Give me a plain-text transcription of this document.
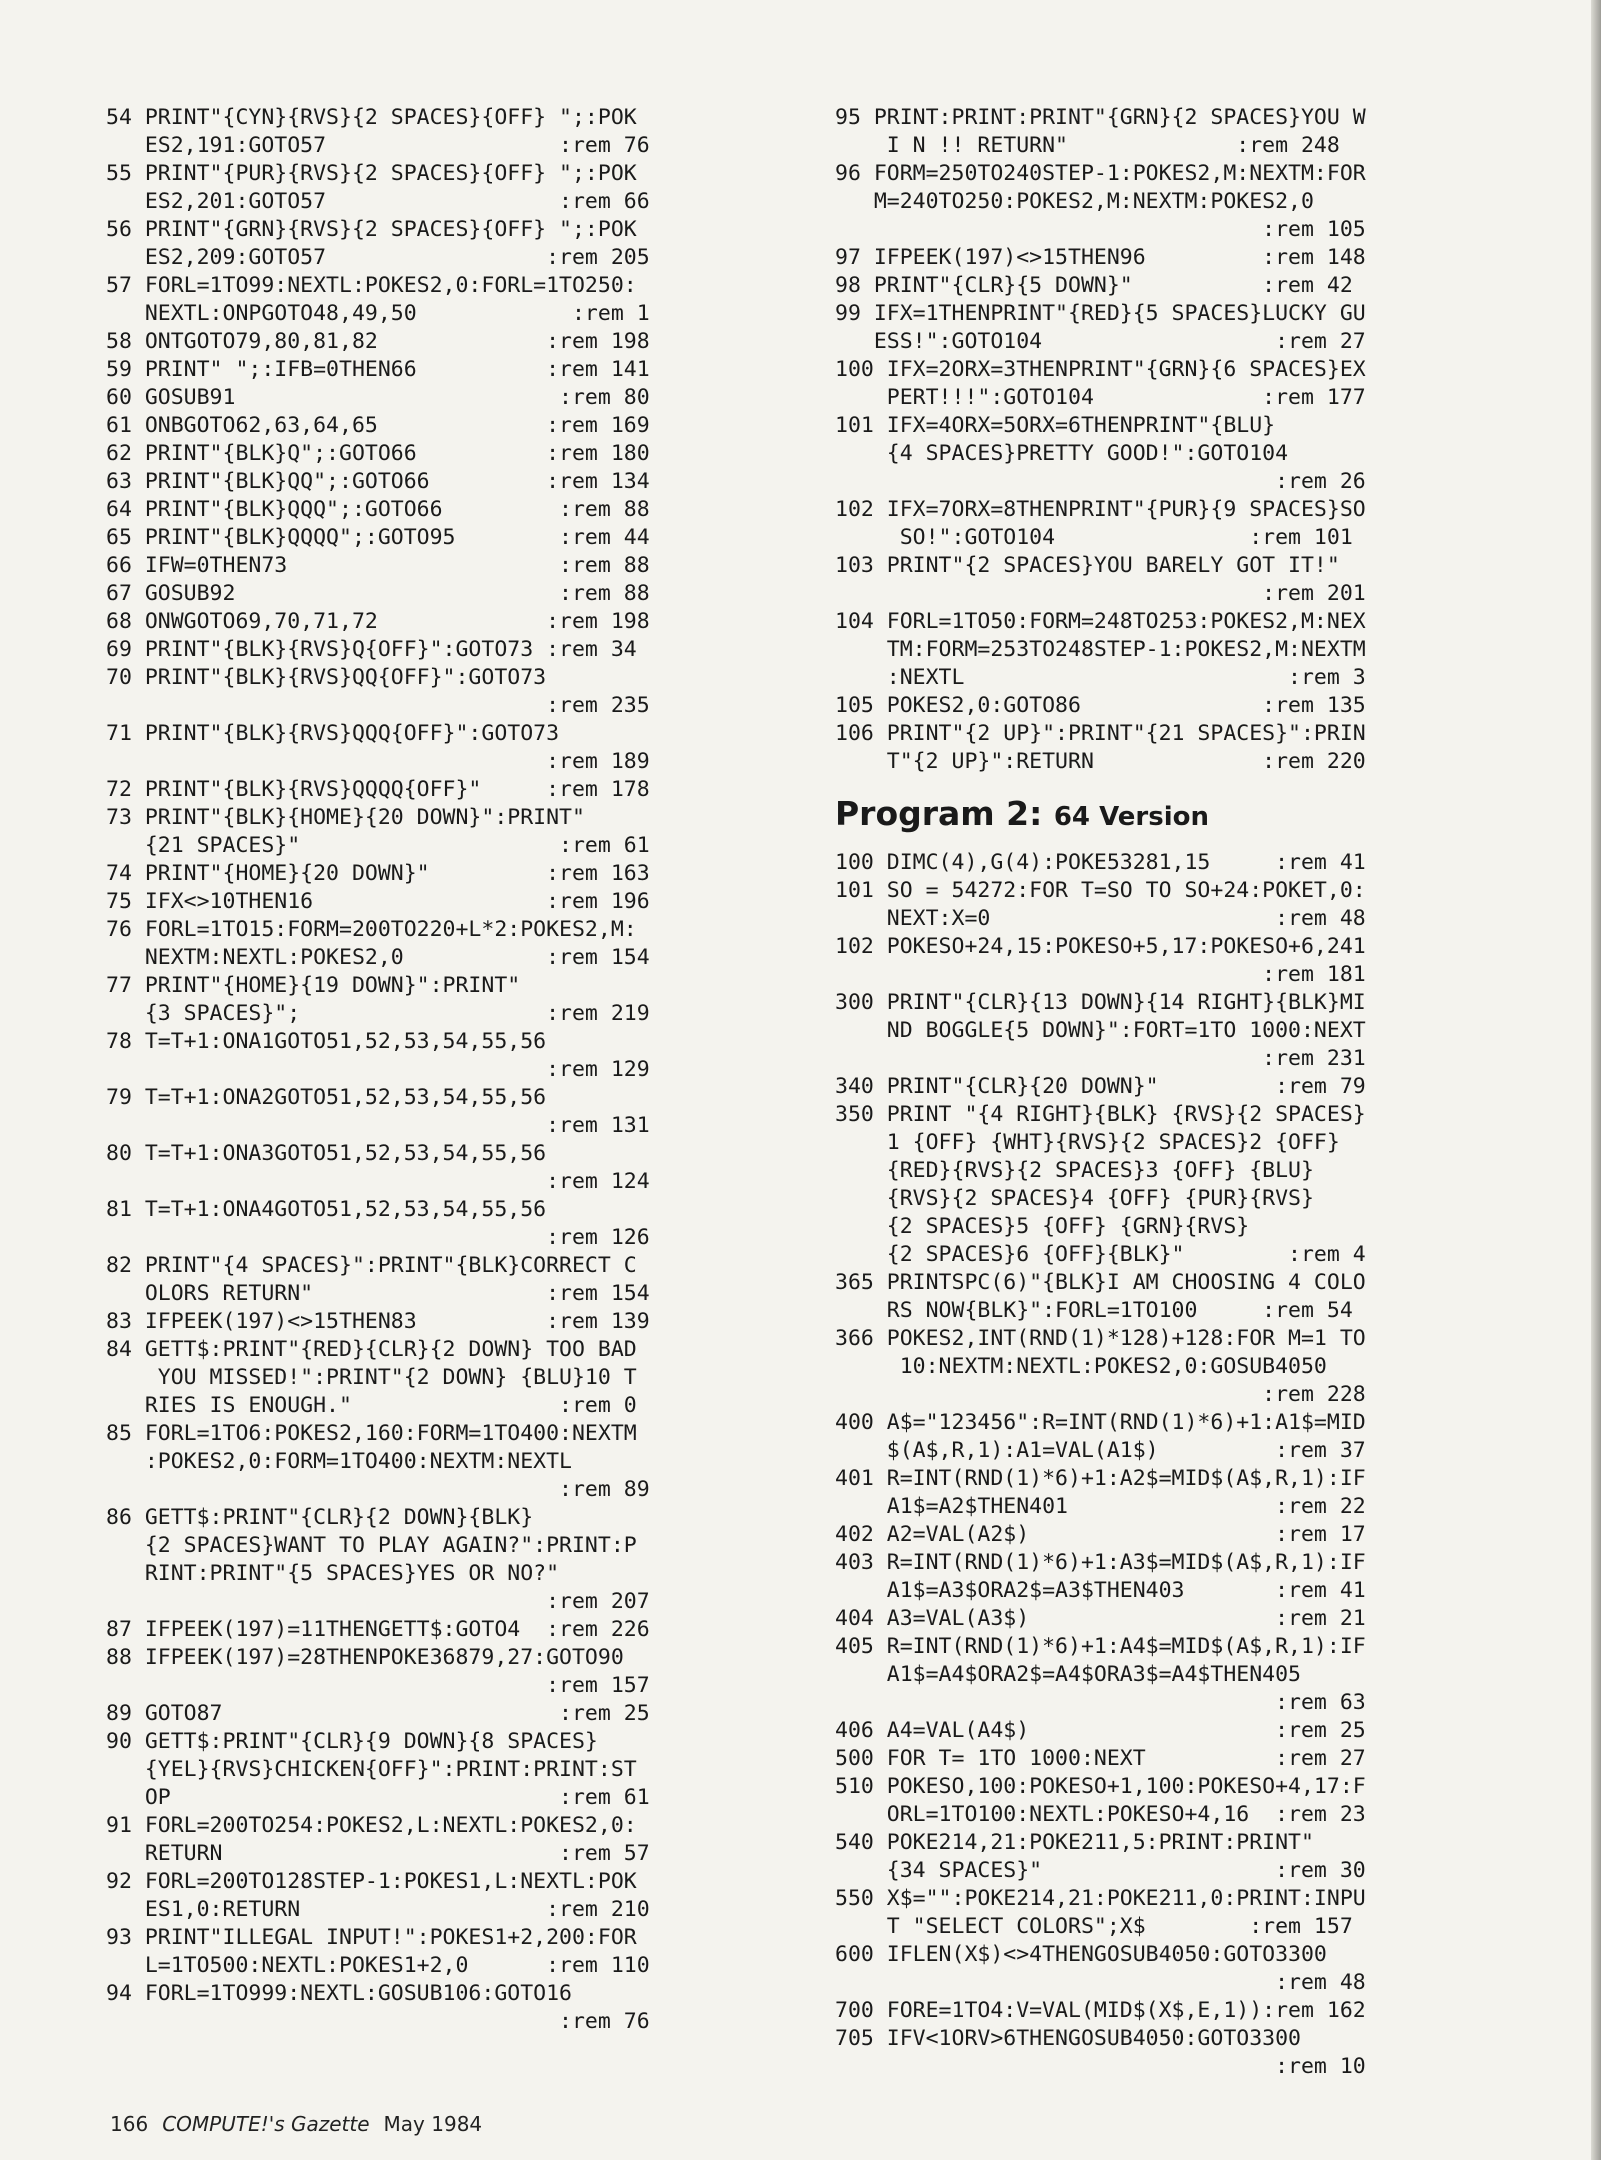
54 PRINT"{CYN}{RVS}{2 SPACES}{OFF} ";:POK
ES2,191:GOTO57                  :rem 76
55 PRINT"{PUR}{RVS}{2 SPACES}{OFF} ";:POK
ES2,201:GOTO57                  :rem 66
56 PRINT"{GRN}{RVS}{2 SPACES}{OFF} ";:POK
ES2,209:GOTO57                 :rem 205
57 FORL=1TO99:NEXTL:POKES2,0:FORL=1TO250:
NEXTL:ONPGOTO48,49,50            :rem 1
58 ONTGOTO79,80,81,82             :rem 198
59 PRINT" ";:IFB=0THEN66          :rem 141
60 GOSUB91                         :rem 80
61 ONBGOTO62,63,64,65             :rem 169
62 PRINT"{BLK}Q";:GOTO66          :rem 180
63 PRINT"{BLK}QQ";:GOTO66         :rem 134
64 PRINT"{BLK}QQQ";:GOTO66         :rem 88
65 PRINT"{BLK}QQQQ";:GOTO95        :rem 44
66 IFW=0THEN73                     :rem 88
67 GOSUB92                         :rem 88
68 ONWGOTO69,70,71,72             :rem 198
69 PRINT"{BLK}{RVS}Q{OFF}":GOTO73 :rem 34
70 PRINT"{BLK}{RVS}QQ{OFF}":GOTO73
:rem 235
71 PRINT"{BLK}{RVS}QQQ{OFF}":GOTO73
:rem 189
72 PRINT"{BLK}{RVS}QQQQ{OFF}"     :rem 178
73 PRINT"{BLK}{HOME}{20 DOWN}":PRINT"
{21 SPACES}"                    :rem 61
74 PRINT"{HOME}{20 DOWN}"         :rem 163
75 IFX<>10THEN16                  :rem 196
76 FORL=1TO15:FORM=200TO220+L*2:POKES2,M:
NEXTM:NEXTL:POKES2,0           :rem 154
77 PRINT"{HOME}{19 DOWN}":PRINT"
{3 SPACES}";                   :rem 219
78 T=T+1:ONA1GOTO51,52,53,54,55,56
:rem 129
79 T=T+1:ONA2GOTO51,52,53,54,55,56
:rem 131
80 T=T+1:ONA3GOTO51,52,53,54,55,56
:rem 124
81 T=T+1:ONA4GOTO51,52,53,54,55,56
:rem 126
82 PRINT"{4 SPACES}":PRINT"{BLK}CORRECT C
OLORS RETURN"                  :rem 154
83 IFPEEK(197)<>15THEN83          :rem 139
84 GETT$:PRINT"{RED}{CLR}{2 DOWN} TOO BAD
YOU MISSED!":PRINT"{2 DOWN} {BLU}10 T
RIES IS ENOUGH."                :rem 0
85 FORL=1TO6:POKES2,160:FORM=1TO400:NEXTM
:POKES2,0:FORM=1TO400:NEXTM:NEXTL
:rem 89
86 GETT$:PRINT"{CLR}{2 DOWN}{BLK}
{2 SPACES}WANT TO PLAY AGAIN?":PRINT:P
RINT:PRINT"{5 SPACES}YES OR NO?"
:rem 207
87 IFPEEK(197)=11THENGETT$:GOTO4  :rem 226
88 IFPEEK(197)=28THENPOKE36879,27:GOTO90
:rem 157
89 GOTO87                          :rem 25
90 GETT$:PRINT"{CLR}{9 DOWN}{8 SPACES}
{YEL}{RVS}CHICKEN{OFF}":PRINT:PRINT:ST
OP                              :rem 61
91 FORL=200TO254:POKES2,L:NEXTL:POKES2,0:
RETURN                          :rem 57
92 FORL=200TO128STEP-1:POKES1,L:NEXTL:POK
ES1,0:RETURN                   :rem 210
93 PRINT"ILLEGAL INPUT!":POKES1+2,200:FOR
L=1TO500:NEXTL:POKES1+2,0      :rem 110
94 FORL=1TO999:NEXTL:GOSUB106:GOTO16
:rem 76
95 PRINT:PRINT:PRINT"{GRN}{2 SPACES}YOU W
I N !! RETURN"             :rem 248
96 FORM=250TO240STEP-1:POKES2,M:NEXTM:FOR
M=240TO250:POKES2,M:NEXTM:POKES2,0
:rem 105
97 IFPEEK(197)<>15THEN96         :rem 148
98 PRINT"{CLR}{5 DOWN}"          :rem 42
99 IFX=1THENPRINT"{RED}{5 SPACES}LUCKY GU
ESS!":GOTO104                  :rem 27
100 IFX=2ORX=3THENPRINT"{GRN}{6 SPACES}EX
PERT!!!":GOTO104             :rem 177
101 IFX=4ORX=5ORX=6THENPRINT"{BLU}
{4 SPACES}PRETTY GOOD!":GOTO104
:rem 26
102 IFX=7ORX=8THENPRINT"{PUR}{9 SPACES}SO
SO!":GOTO104               :rem 101
103 PRINT"{2 SPACES}YOU BARELY GOT IT!"
:rem 201
104 FORL=1TO50:FORM=248TO253:POKES2,M:NEX
TM:FORM=253TO248STEP-1:POKES2,M:NEXTM
:NEXTL                         :rem 3
105 POKES2,0:GOTO86              :rem 135
106 PRINT"{2 UP}":PRINT"{21 SPACES}":PRIN
T"{2 UP}":RETURN             :rem 220
Program 2: 64 Version
100 DIMC(4),G(4):POKE53281,15     :rem 41
101 SO = 54272:FOR T=SO TO SO+24:POKET,0:
NEXT:X=0                      :rem 48
102 POKESO+24,15:POKESO+5,17:POKESO+6,241
:rem 181
300 PRINT"{CLR}{13 DOWN}{14 RIGHT}{BLK}MI
ND BOGGLE{5 DOWN}":FORT=1TO 1000:NEXT
:rem 231
340 PRINT"{CLR}{20 DOWN}"         :rem 79
350 PRINT "{4 RIGHT}{BLK} {RVS}{2 SPACES}
1 {OFF} {WHT}{RVS}{2 SPACES}2 {OFF}
{RED}{RVS}{2 SPACES}3 {OFF} {BLU}
{RVS}{2 SPACES}4 {OFF} {PUR}{RVS}
{2 SPACES}5 {OFF} {GRN}{RVS}
{2 SPACES}6 {OFF}{BLK}"        :rem 4
365 PRINTSPC(6)"{BLK}I AM CHOOSING 4 COLO
RS NOW{BLK}":FORL=1TO100     :rem 54
366 POKES2,INT(RND(1)*128)+128:FOR M=1 TO
10:NEXTM:NEXTL:POKES2,0:GOSUB4050
:rem 228
400 A$="123456":R=INT(RND(1)*6)+1:A1$=MID
$(A$,R,1):A1=VAL(A1$)         :rem 37
401 R=INT(RND(1)*6)+1:A2$=MID$(A$,R,1):IF
A1$=A2$THEN401                :rem 22
402 A2=VAL(A2$)                   :rem 17
403 R=INT(RND(1)*6)+1:A3$=MID$(A$,R,1):IF
A1$=A3$ORA2$=A3$THEN403       :rem 41
404 A3=VAL(A3$)                   :rem 21
405 R=INT(RND(1)*6)+1:A4$=MID$(A$,R,1):IF
A1$=A4$ORA2$=A4$ORA3$=A4$THEN405
:rem 63
406 A4=VAL(A4$)                   :rem 25
500 FOR T= 1TO 1000:NEXT          :rem 27
510 POKESO,100:POKESO+1,100:POKESO+4,17:F
ORL=1TO100:NEXTL:POKESO+4,16  :rem 23
540 POKE214,21:POKE211,5:PRINT:PRINT"
{34 SPACES}"                  :rem 30
550 X$="":POKE214,21:POKE211,0:PRINT:INPU
T "SELECT COLORS";X$        :rem 157
600 IFLEN(X$)<>4THENGOSUB4050:GOTO3300
:rem 48
700 FORE=1TO4:V=VAL(MID$(X$,E,1)):rem 162
705 IFV<1ORV>6THENGOSUB4050:GOTO3300
:rem 10
166 COMPUTE!'s Gazette May 1984
